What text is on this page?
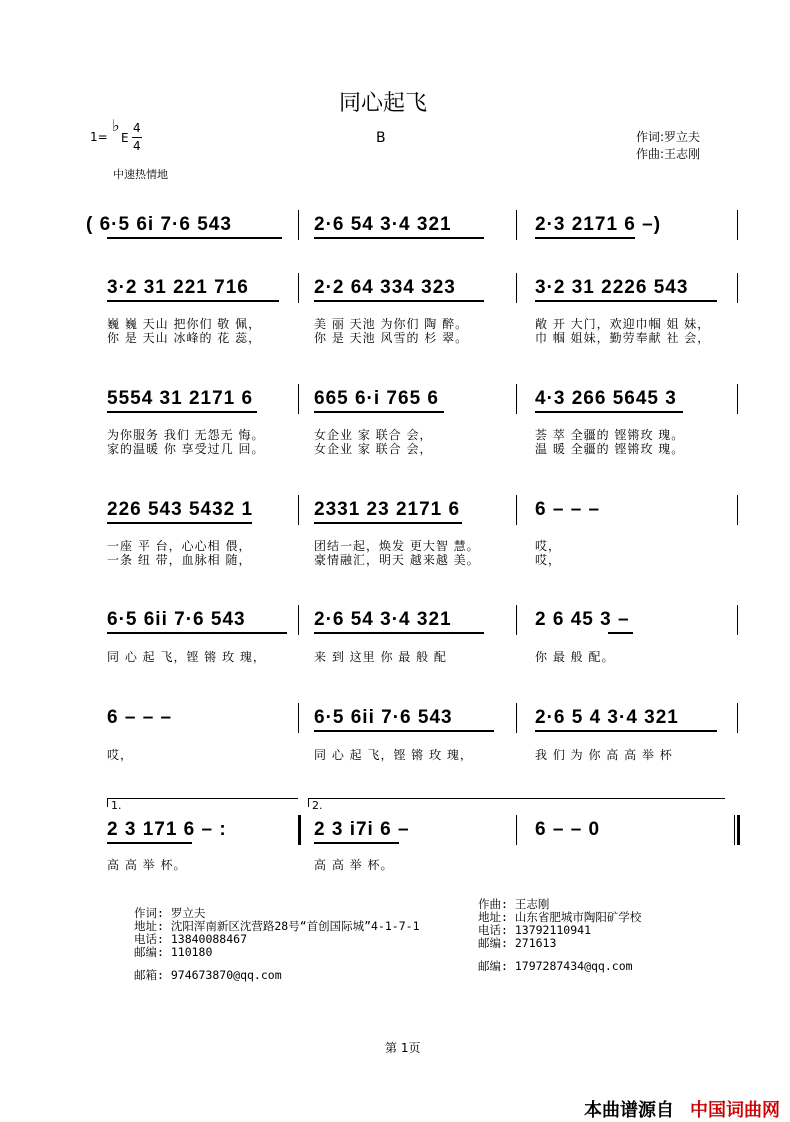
同心起飞
1=
♭
E
4
4	B	作词:罗立夫
作曲:王志刚
中速热情地
( 6·5 6i 7·6 543	2·6 54 3·4 321	2·3 2171 6 –)
3·2 31 221 716	2·2 64 334 323	3·2 31 2226 543
巍 巍 天山 把你们 敬 佩，	美 丽 天池 为你们 陶 醉。	敞 开 大门，欢迎巾帼 姐 妹，
你 是 天山 冰峰的 花 蕊，	你 是 天池 风雪的 杉 翠。	巾 帼 姐妹，勤劳奉献 社 会，
5554 31 2171 6	665 6·i 765 6	4·3 266 5645 3
为你服务 我们 无怨无 悔。	女企业 家 联合 会，	荟 萃 全疆的 铿锵玫 瑰。
家的温暖 你 享受过几 回。	女企业 家 联合 会，	温 暖 全疆的 铿锵玫 瑰。
226 543 5432 1	2331 23 2171 6	6 – – –
一座 平 台，心心相 偎，	团结一起，焕发 更大智 慧。	哎，
一条 纽 带，血脉相 随，	豪情融汇，明天 越来越 美。	哎，
6·5 6ii 7·6 543	2·6 54 3·4 321	2 6 45 3 –
同 心 起 飞，铿 锵 玫 瑰，	来 到 这里 你 最 般 配	你 最 般 配。
6 – – –	6·5 6ii 7·6 543	2·6 5 4 3·4 321
哎，	同 心 起 飞，铿 锵 玫 瑰，	我 们 为 你 高 高 举 杯
1.	2.
2 3 171 6 – :	2 3 i7i 6 –	6 – – 0
高 高 举 杯。	高 高 举 杯。
作词: 罗立夫
地址: 沈阳浑南新区沈营路28号“首创国际城”4-1-7-1
电话: 13840088467
邮编: 110180
邮箱: 974673870@qq.com
作曲: 王志刚
地址: 山东省肥城市陶阳矿学校
电话: 13792110941
邮编: 271613
邮编: 1797287434@qq.com
第 1页
本曲谱源自 中国词曲网
